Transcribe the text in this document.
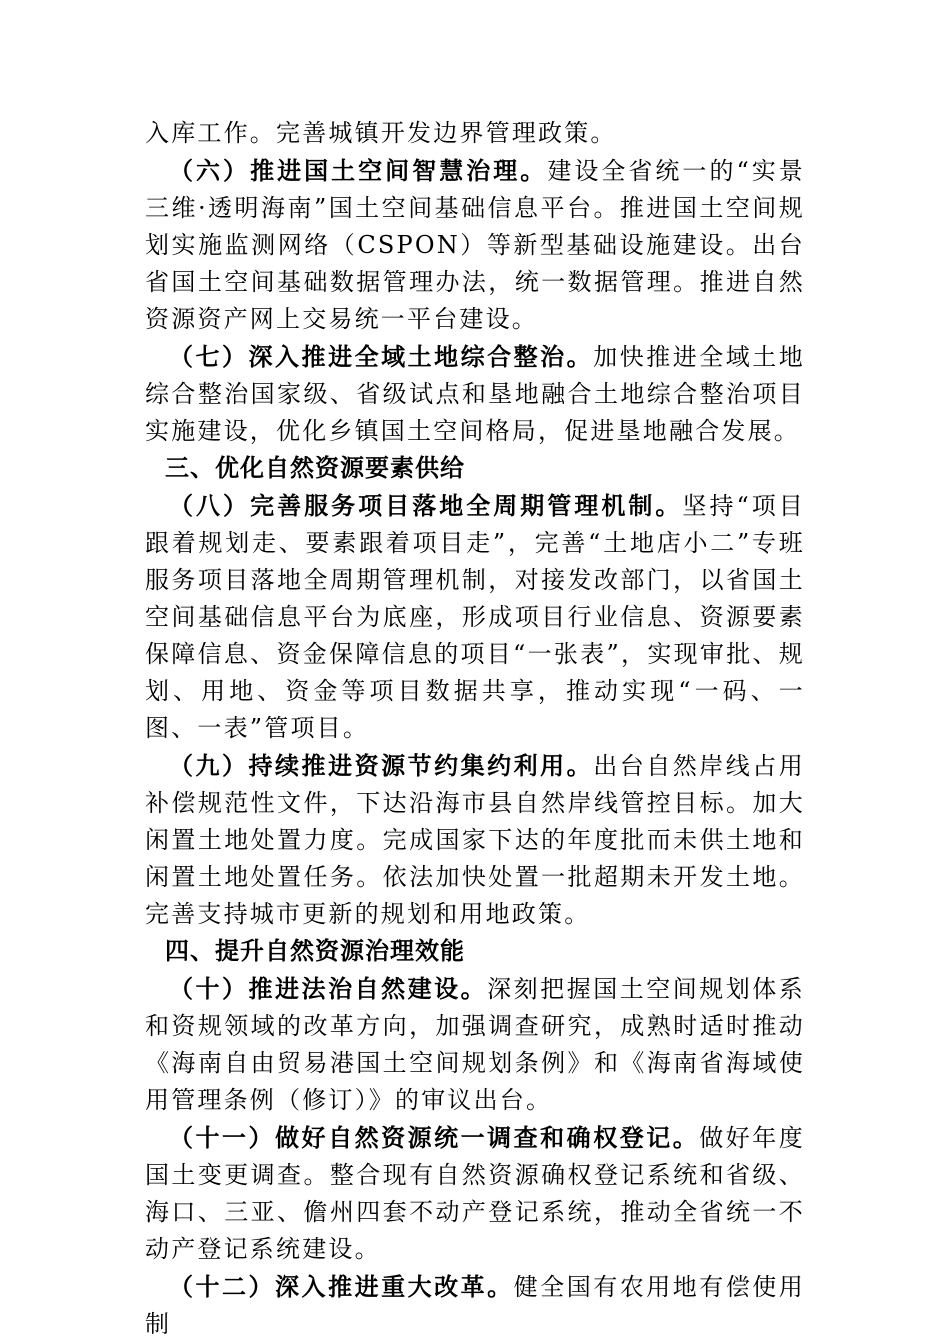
入库工作。完善城镇开发边界管理政策。

（六）推进国土空间智慧治理。建设全省统一的“实景三维·透明海南”国土空间基础信息平台。推进国土空间规划实施监测网络（CSPON）等新型基础设施建设。出台省国土空间基础数据管理办法，统一数据管理。推进自然资源资产网上交易统一平台建设。

（七）深入推进全域土地综合整治。加快推进全域土地综合整治国家级、省级试点和垦地融合土地综合整治项目实施建设，优化乡镇国土空间格局，促进垦地融合发展。

三、优化自然资源要素供给

（八）完善服务项目落地全周期管理机制。坚持“项目跟着规划走、要素跟着项目走”，完善“土地店小二”专班服务项目落地全周期管理机制，对接发改部门，以省国土空间基础信息平台为底座，形成项目行业信息、资源要素保障信息、资金保障信息的项目“一张表”，实现审批、规划、用地、资金等项目数据共享，推动实现“一码、一图、一表”管项目。

（九）持续推进资源节约集约利用。出台自然岸线占用补偿规范性文件，下达沿海市县自然岸线管控目标。加大闲置土地处置力度。完成国家下达的年度批而未供土地和闲置土地处置任务。依法加快处置一批超期未开发土地。完善支持城市更新的规划和用地政策。

四、提升自然资源治理效能

（十）推进法治自然建设。深刻把握国土空间规划体系和资规领域的改革方向，加强调查研究，成熟时适时推动《海南自由贸易港国土空间规划条例》和《海南省海域使用管理条例（修订）》的审议出台。

（十一）做好自然资源统一调查和确权登记。做好年度国土变更调查。整合现有自然资源确权登记系统和省级、海口、三亚、儋州四套不动产登记系统，推动全省统一不动产登记系统建设。

（十二）深入推进重大改革。健全国有农用地有偿使用制
